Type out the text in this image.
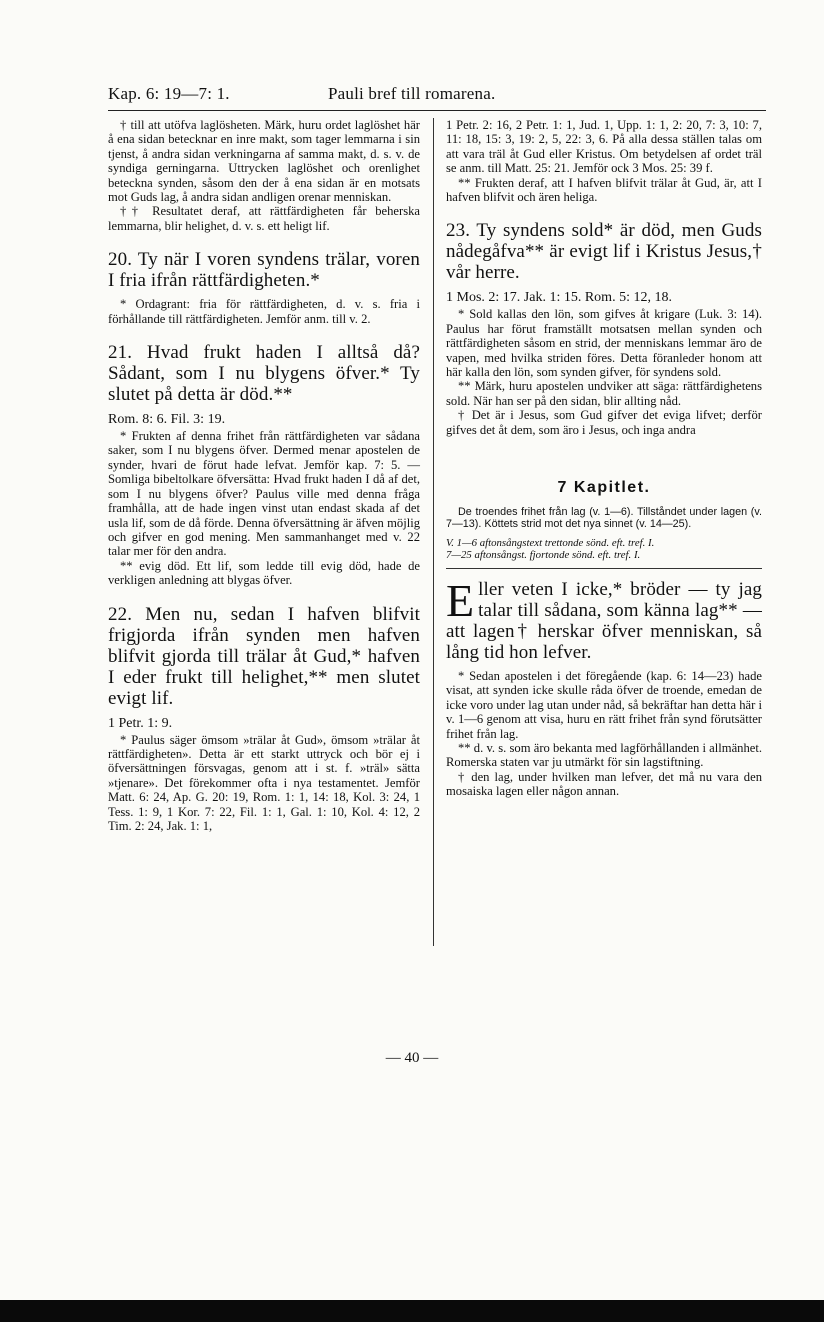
Kap. 6: 19—7: 1.	Pauli bref till romarena.

† till att utöfva laglösheten. Märk, huru ordet laglöshet här å ena sidan betecknar en inre makt, som tager lemmarna i sin tjenst, å andra sidan verkningarna af samma makt, d. s. v. de syndiga gerningarna. Uttrycken laglöshet och orenlighet beteckna synden, såsom den der å ena sidan är en motsats mot Guds lag, å andra sidan andligen orenar menniskan.

†† Resultatet deraf, att rättfärdigheten får beherska lemmarna, blir helighet, d. v. s. ett heligt lif.

20. Ty när I voren syndens trälar, voren I fria ifrån rättfärdigheten.*

* Ordagrant: fria för rättfärdigheten, d. v. s. fria i förhållande till rättfärdigheten. Jemför anm. till v. 2.

21. Hvad frukt haden I alltså då? Sådant, som I nu blygens öfver.* Ty slutet på detta är död.**

Rom. 8: 6. Fil. 3: 19.

* Frukten af denna frihet från rättfärdigheten var sådana saker, som I nu blygens öfver. Dermed menar apostelen de synder, hvari de förut hade lefvat. Jemför kap. 7: 5. — Somliga bibeltolkare öfversätta: Hvad frukt haden I då af det, som I nu blygens öfver? Paulus ville med denna fråga framhålla, att de hade ingen vinst utan endast skada af det usla lif, som de då förde. Denna öfversättning är äfven möjlig och gifver en god mening. Men sammanhanget med v. 22 talar mer för den andra.

** evig död. Ett lif, som ledde till evig död, hade de verkligen anledning att blygas öfver.

22. Men nu, sedan I hafven blifvit frigjorda ifrån synden men hafven blifvit gjorda till trälar åt Gud,* hafven I eder frukt till helighet,** men slutet evigt lif.

1 Petr. 1: 9.

* Paulus säger ömsom »trälar åt Gud», ömsom »trälar åt rättfärdigheten». Detta är ett starkt uttryck och bör ej i öfversättningen försvagas, genom att i st. f. »träl» sätta »tjenare». Det förekommer ofta i nya testamentet. Jemför Matt. 6: 24, Ap. G. 20: 19, Rom. 1: 1, 14: 18, Kol. 3: 24, 1 Tess. 1: 9, 1 Kor. 7: 22, Fil. 1: 1, Gal. 1: 10, Kol. 4: 12, 2 Tim. 2: 24, Jak. 1: 1,

1 Petr. 2: 16, 2 Petr. 1: 1, Jud. 1, Upp. 1: 1, 2: 20, 7: 3, 10: 7, 11: 18, 15: 3, 19: 2, 5, 22: 3, 6. På alla dessa ställen talas om att vara träl åt Gud eller Kristus. Om betydelsen af ordet träl se anm. till Matt. 25: 21. Jemför ock 3 Mos. 25: 39 f.

** Frukten deraf, att I hafven blifvit trälar åt Gud, är, att I hafven blifvit och ären heliga.

23. Ty syndens sold* är död, men Guds nådegåfva** är evigt lif i Kristus Jesus,† vår herre.

1 Mos. 2: 17. Jak. 1: 15. Rom. 5: 12, 18.

* Sold kallas den lön, som gifves åt krigare (Luk. 3: 14). Paulus har förut framställt motsatsen mellan synden och rättfärdigheten såsom en strid, der menniskans lemmar äro de vapen, med hvilka striden föres. Detta föranleder honom att här kalla den lön, som synden gifver, för syndens sold.

** Märk, huru apostelen undviker att säga: rättfärdighetens sold. När han ser på den sidan, blir allting nåd.

† Det är i Jesus, som Gud gifver det eviga lifvet; derför gifves det åt dem, som äro i Jesus, och inga andra

7 Kapitlet.

De troendes frihet från lag (v. 1—6). Tillståndet under lagen (v. 7—13). Köttets strid mot det nya sinnet (v. 14—25).

V. 1—6 aftonsångstext trettonde sönd. eft. tref. I.

7—25 aftonsångst. fjortonde sönd. eft. tref. I.

E ller veten I icke,* bröder — ty jag talar till sådana, som känna lag** — att lagen† herskar öfver menniskan, så lång tid hon lefver.

* Sedan apostelen i det föregående (kap. 6: 14—23) hade visat, att synden icke skulle råda öfver de troende, emedan de icke voro under lag utan under nåd, så bekräftar han detta här i v. 1—6 genom att visa, huru en rätt frihet från synd förutsätter frihet från lag.

** d. v. s. som äro bekanta med lagförhållanden i allmänhet. Romerska staten var ju utmärkt för sin lagstiftning.

† den lag, under hvilken man lefver, det må nu vara den mosaiska lagen eller någon annan.

— 40 —
